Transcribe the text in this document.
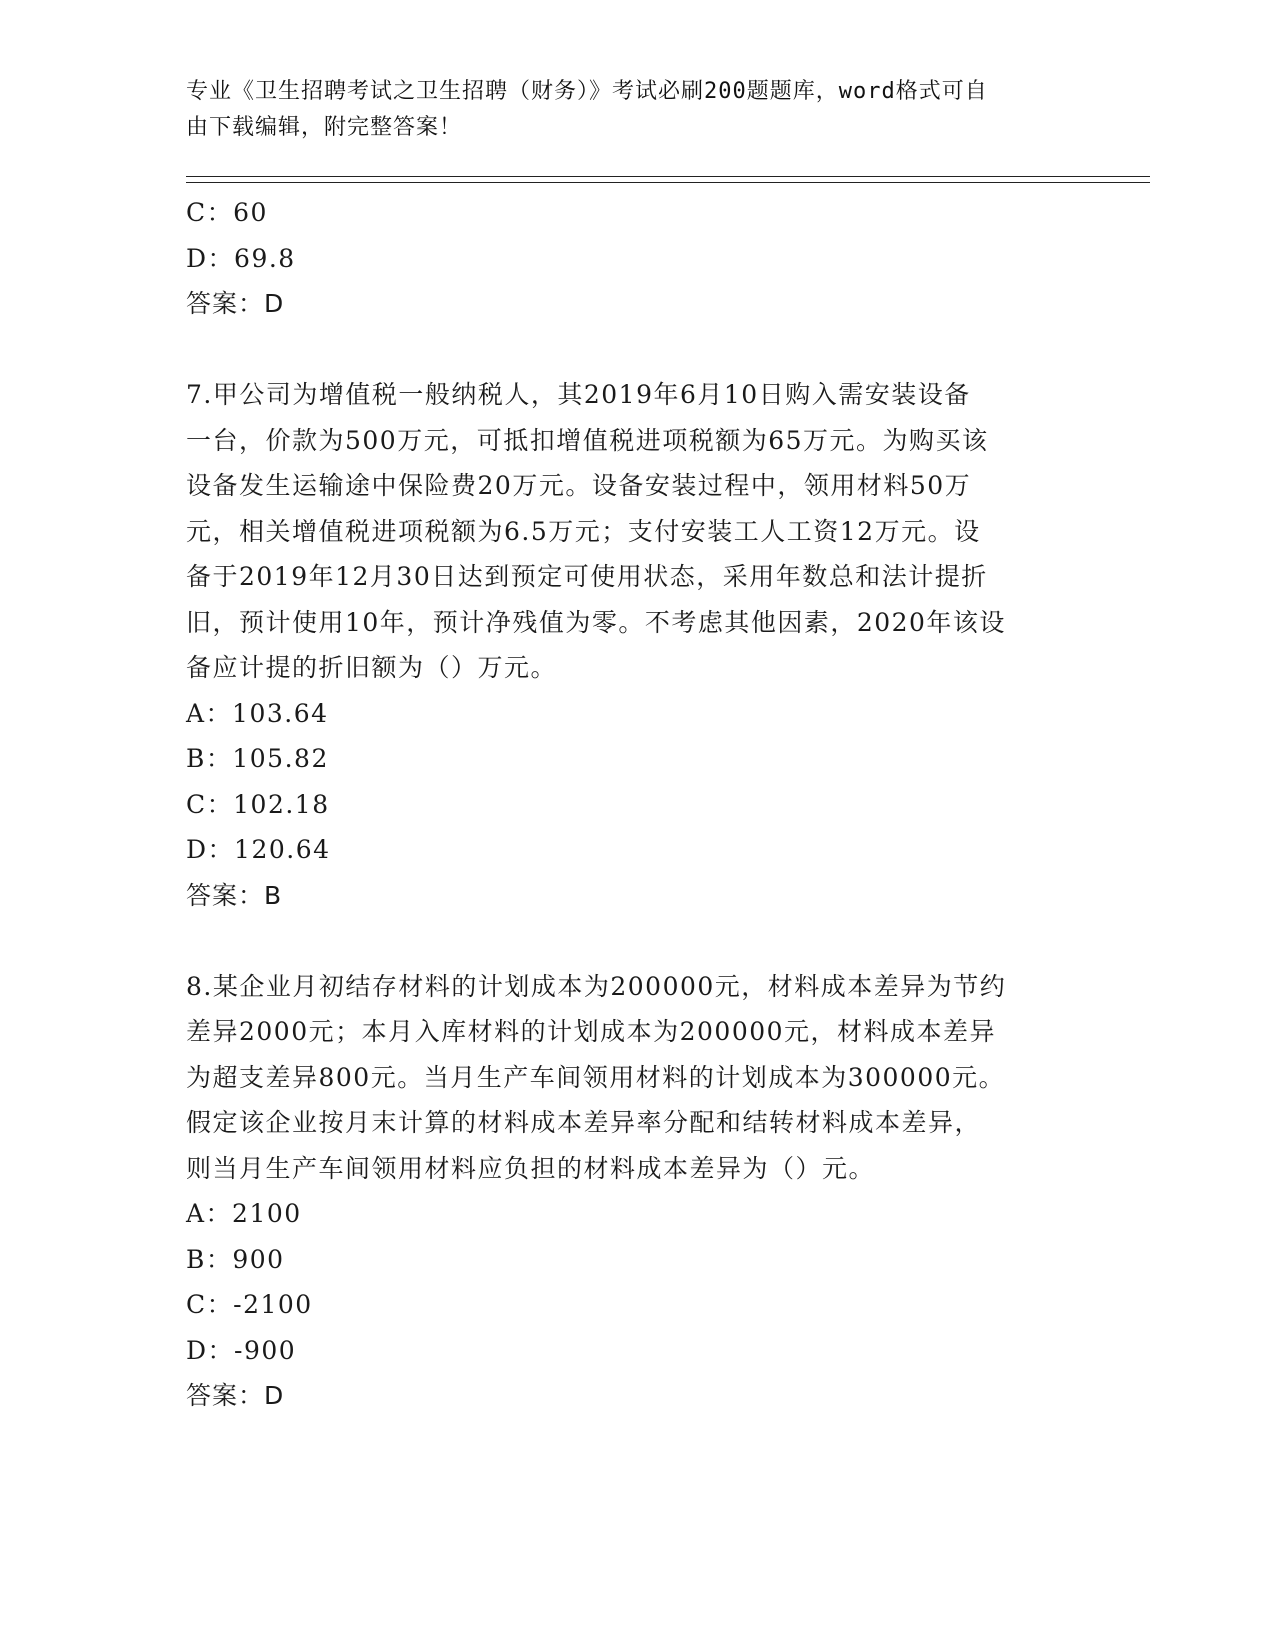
专业《卫生招聘考试之卫生招聘（财务）》考试必刷200题题库，word格式可自
由下载编辑，附完整答案！
C：60
D：69.8
答案：D
7.甲公司为增值税一般纳税人，其2019年6月10日购入需安装设备
一台，价款为500万元，可抵扣增值税进项税额为65万元。为购买该
设备发生运输途中保险费20万元。设备安装过程中，领用材料50万
元，相关增值税进项税额为6.5万元；支付安装工人工资12万元。设
备于2019年12月30日达到预定可使用状态，采用年数总和法计提折
旧，预计使用10年，预计净残值为零。不考虑其他因素，2020年该设
备应计提的折旧额为（）万元。
A：103.64
B：105.82
C：102.18
D：120.64
答案：B
8.某企业月初结存材料的计划成本为200000元，材料成本差异为节约
差异2000元；本月入库材料的计划成本为200000元，材料成本差异
为超支差异800元。当月生产车间领用材料的计划成本为300000元。
假定该企业按月末计算的材料成本差异率分配和结转材料成本差异，
则当月生产车间领用材料应负担的材料成本差异为（）元。
A：2100
B：900
C：-2100
D：-900
答案：D
